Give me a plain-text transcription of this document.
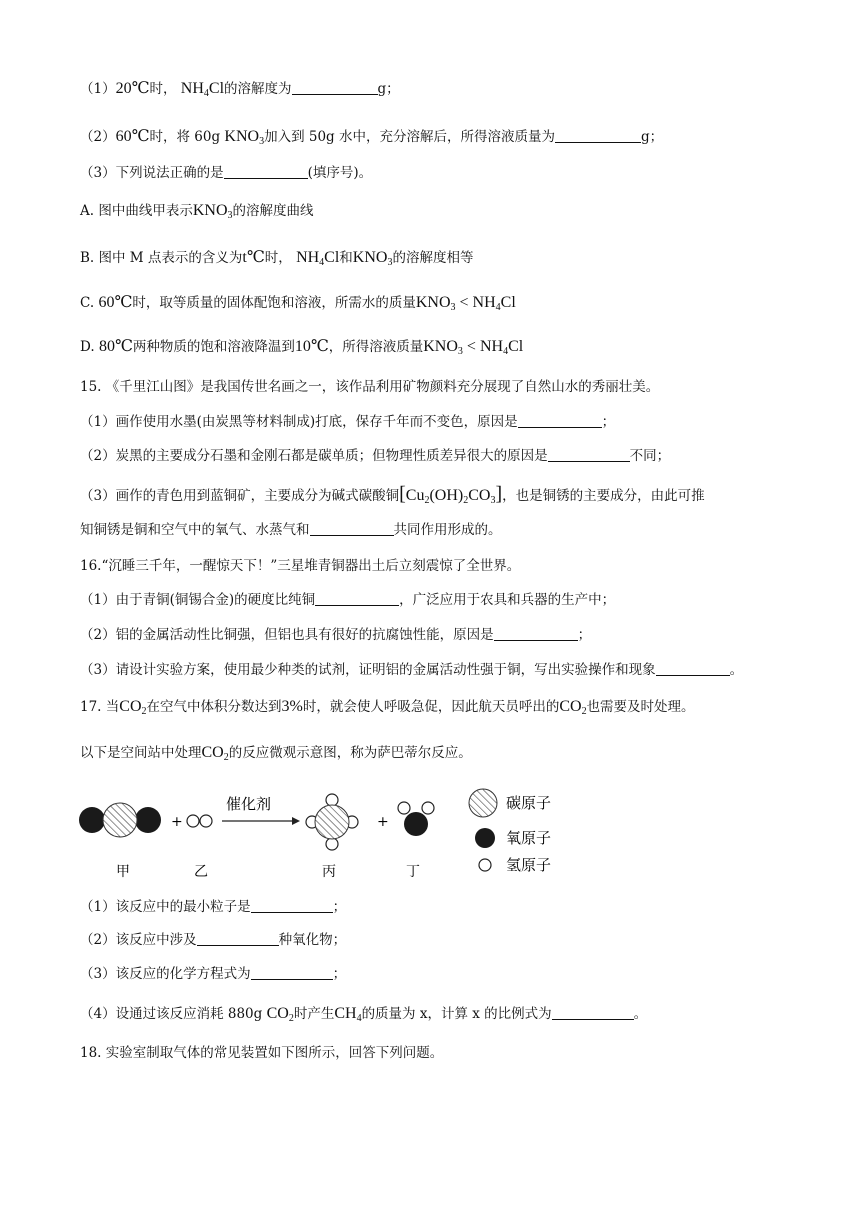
（1）20℃时， $NH_4Cl$的溶解度为	g；
（2）60℃时，将 60g $KNO_3$加入到 50g 水中，充分溶解后，所得溶液质量为	g；
（3）下列说法正确的是	(填序号)。
A. 图中曲线甲表示$KNO_3$的溶解度曲线
B. 图中 M 点表示的含义为t℃时， $NH_4Cl$和$KNO_3$的溶解度相等
C. 60℃时，取等质量的固体配饱和溶液，所需水的质量$KNO_3 < NH_4Cl$
D. 80℃两种物质的饱和溶液降温到10℃，所得溶液质量$KNO_3 < NH_4Cl$
15. 《千里江山图》是我国传世名画之一，该作品利用矿物颜料充分展现了自然山水的秀丽壮美。
（1）画作使用水墨(由炭黑等材料制成)打底，保存千年而不变色，原因是	；
（2）炭黑的主要成分石墨和金刚石都是碳单质；但物理性质差异很大的原因是	不同；
（3）画作的青色用到蓝铜矿，主要成分为碱式碳酸铜$[Cu_2(OH)_2CO_3]$，也是铜锈的主要成分，由此可推
知铜锈是铜和空气中的氧气、水蒸气和	共同作用形成的。
16.“沉睡三千年，一醒惊天下！”三星堆青铜器出土后立刻震惊了全世界。
（1）由于青铜(铜锡合金)的硬度比纯铜	，广泛应用于农具和兵器的生产中；
（2）铝的金属活动性比铜强，但铝也具有很好的抗腐蚀性能，原因是	；
（3）请设计实验方案，使用最少种类的试剂，证明铝的金属活动性强于铜，写出实验操作和现象	。
17. 当$CO_2$在空气中体积分数达到3%时，就会使人呼吸急促，因此航天员呼出的$CO_2$也需要及时处理。
以下是空间站中处理$CO_2$的反应微观示意图，称为萨巴蒂尔反应。
+
催化剂
+
甲	乙	丙	丁
碳原子
氧原子
氢原子
（1）该反应中的最小粒子是	；
（2）该反应中涉及	种氧化物；
（3）该反应的化学方程式为	；
（4）设通过该反应消耗 880g $CO_2$时产生$CH_4$的质量为 x，计算 x 的比例式为	。
18. 实验室制取气体的常见装置如下图所示，回答下列问题。
